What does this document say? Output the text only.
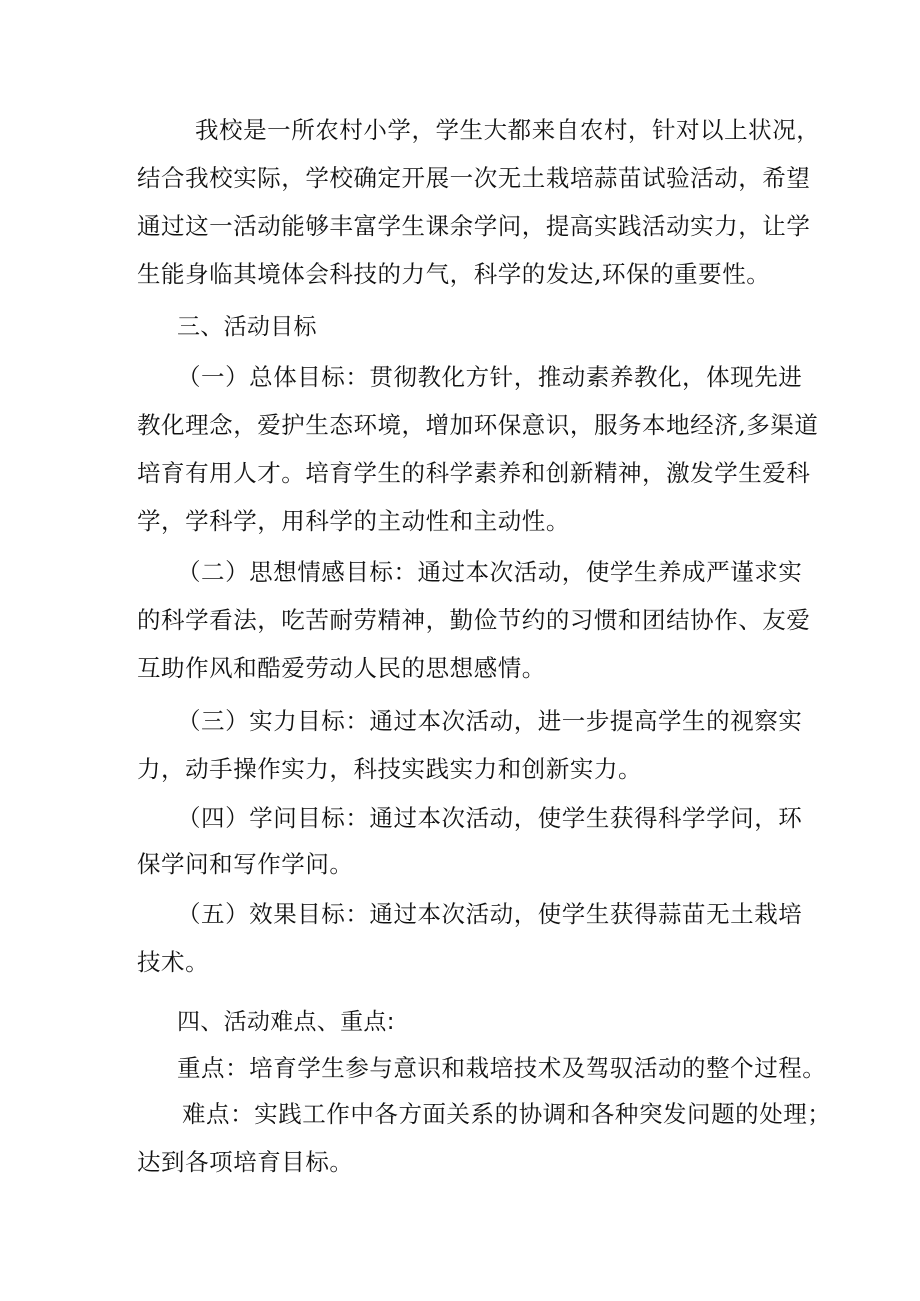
我校是一所农村小学，学生大都来自农村，针对以上状况，
结合我校实际，学校确定开展一次无土栽培蒜苗试验活动，希望
通过这一活动能够丰富学生课余学问，提高实践活动实力，让学
生能身临其境体会科技的力气，科学的发达,环保的重要性。
三、活动目标
（一）总体目标：贯彻教化方针，推动素养教化，体现先进
教化理念，爱护生态环境，增加环保意识，服务本地经济,多渠道
培育有用人才。培育学生的科学素养和创新精神，激发学生爱科
学，学科学，用科学的主动性和主动性。
（二）思想情感目标：通过本次活动，使学生养成严谨求实
的科学看法，吃苦耐劳精神，勤俭节约的习惯和团结协作、友爱
互助作风和酷爱劳动人民的思想感情。
（三）实力目标：通过本次活动，进一步提高学生的视察实
力，动手操作实力，科技实践实力和创新实力。
（四）学问目标：通过本次活动，使学生获得科学学问，环
保学问和写作学问。
（五）效果目标：通过本次活动，使学生获得蒜苗无土栽培
技术。
四、活动难点、重点:
重点：培育学生参与意识和栽培技术及驾驭活动的整个过程。
难点：实践工作中各方面关系的协调和各种突发问题的处理；
达到各项培育目标。
